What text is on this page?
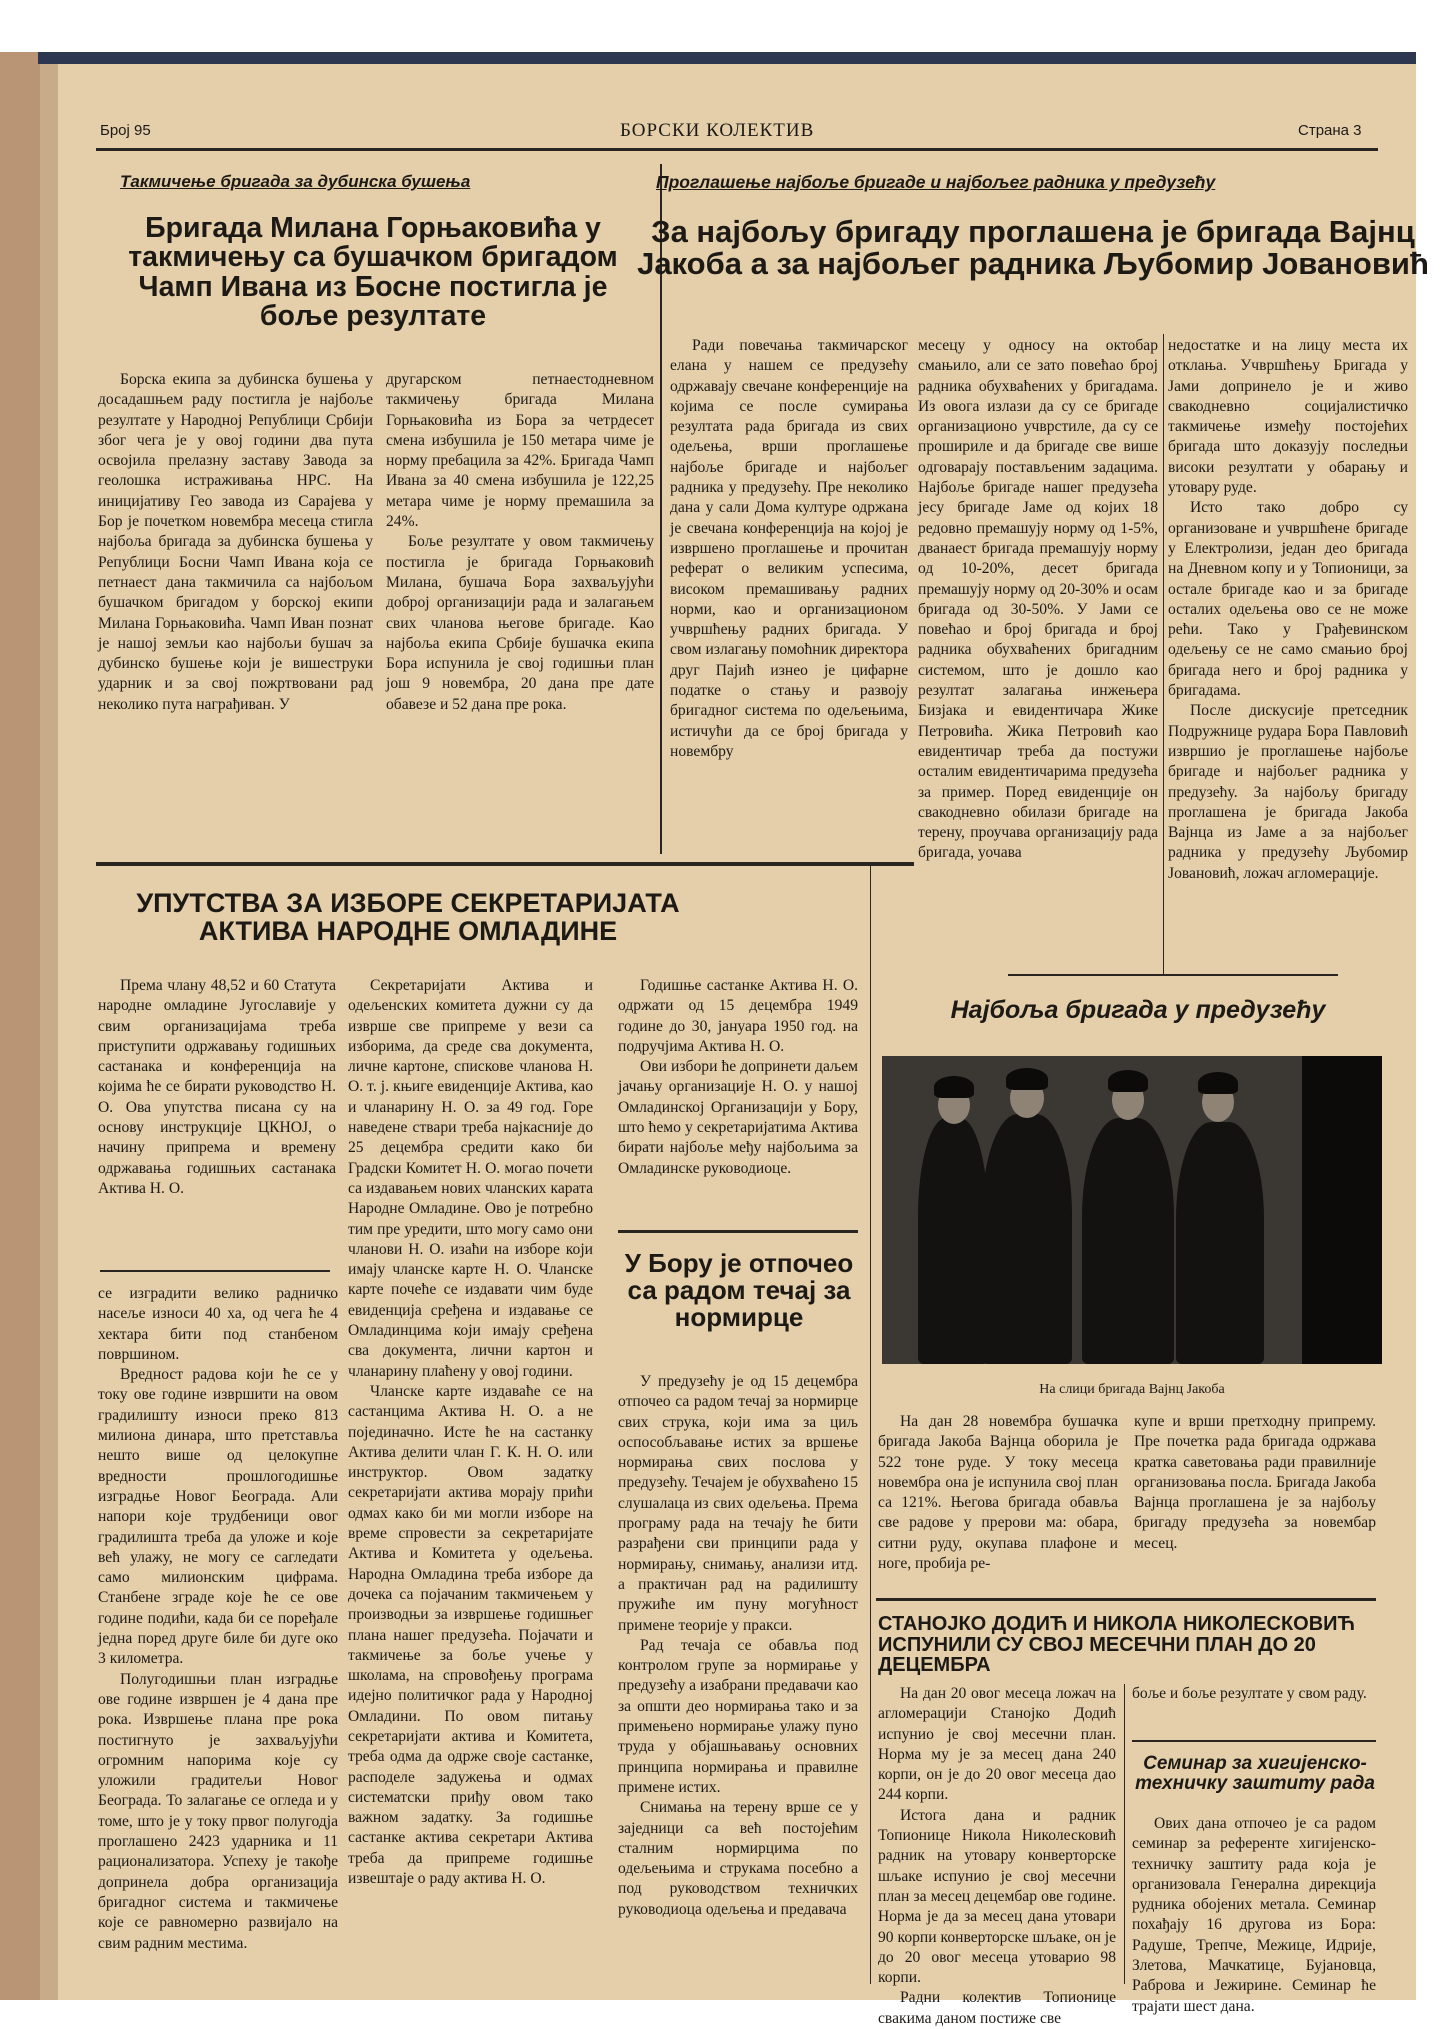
Број 95	БОРСКИ КОЛЕКТИВ	Страна 3
Такмичење бригада за дубинска бушења
Бригада Милана Горњаковића у такмичењу са бушачком бригадом Чамп Ивана из Босне постигла је боље резултате

Борска екипа за дубинска бушења у досадашњем раду постигла је најбоље резултате у Народној Републици Србији због чега је у овој години два пута освојила прелазну заставу Завода за геолошка истраживања НРС. На иницијативу Гео завода из Сарајева у Бор је почетком новембра месеца стигла најбоља бригада за дубинска бушења у Републици Босни Чамп Ивана која се петнаест дана такмичила са најбољом бушачком бригадом у борској екипи Милана Горњаковића. Чамп Иван познат је нашој земљи као најбољи бушач за дубинско бушење који је вишеструки ударник и за свој пожртвовани рад неколико пута награђиван. У

другарском петнаестодневном такмичењу бригада Милана Горњаковића из Бора за четрдесет смена избушила је 150 метара чиме је норму пребацила за 42%. Бригада Чамп Ивана за 40 смена избушила је 122,25 метара чиме је норму премашила за 24%.

Боље резултате у овом такмичењу постигла је бригада Горњаковић Милана, бушача Бора захваљујући доброј организацији рада и залагањем свих чланова његове бригаде. Као најбоља екипа Србије бушачка екипа Бора испунила је свој годишњи план још 9 новембра, 20 дана пре дате обавезе и 52 дана пре рока.

Проглашење најбоље бригаде и најбољег радника у предузећу
За најбољу бригаду проглашена је бригада Вајнц Јакоба а за најбољег радника Љубомир Јовановић

Ради повечања такмичарског елана у нашем се предузећу одржавају свечане конференције на којима се после сумирања резултата рада бригада из свих одељења, врши проглашење најбоље бригаде и најбољег радника у предузећу. Пре неколико дана у сали Дома културе одржана је свечана конференција на којој је извршено проглашење и прочитан реферат о великим успесима, високом премашивању радних норми, као и организационом учвршћењу радних бригада. У свом излагању помоћник директора друг Пајић изнео је цифарне податке о стању и развоју бригадног система по одељењима, истичући да се број бригада у новембру

месецу у односу на октобар смањило, али се зато повећао број радника обухваћених у бригадама. Из овога излази да су се бригаде организационо учврстиле, да су се прошириле и да бригаде све више одговарају постављеним задацима. Најбоље бригаде нашег предузећа јесу бригаде Јаме од којих 18 редовно премашују норму од 1-5%, дванаест бригада премашују норму од 10-20%, десет бригада премашују норму од 20-30% и осам бригада од 30-50%. У Јами се повећао и број бригада и број радника обухваћених бригадним системом, што је дошло као резултат залагања инжењера Бизјака и евидентичара Жике Петровића. Жика Петровић као евидентичар треба да постужи осталим евидентичарима предузећа за пример. Поред евиденције он свакодневно обилази бригаде на терену, проучава организацију рада бригада, уочава

недостатке и на лицу места их отклања. Учвршћењу Бригада у Јами допринело је и живо свакодневно социјалистичко такмичење између постојећих бригада што доказују последњи високи резултати у обарању и утовару руде.

Исто тако добро су организоване и учвршћене бригаде у Електролизи, један део бригада на Дневном копу и у Топионици, за остале бригаде као и за бригаде осталих одељења ово се не може рећи. Тако у Грађевинском одељењу се не само смањио број бригада него и број радника у бригадама.

После дискусије претседник Подружнице рудара Бора Павловић извршио је проглашење најбоље бригаде и најбољег радника у предузећу. За најбољу бригаду проглашена је бригада Јакоба Вајнца из Јаме а за најбољег радника у предузећу Љубомир Јовановић, ложач агломерације.

УПУТСТВА ЗА ИЗБОРЕ СЕКРЕТАРИЈАТА АКТИВА НАРОДНЕ ОМЛАДИНЕ

Према члану 48,52 и 60 Статута народне омладине Југославије у свим организацијама треба приступити одржавању годишњих састанака и конференција на којима ће се бирати руководство Н. О. Ова упутства писана су на основу инструкције ЦКНОЈ, о начину припрема и времену одржавања годишњих састанака Актива Н. О.

Секретаријати Актива и одељенских комитета дужни су да изврше све припреме у вези са изборима, да среде сва документа, личне картоне, списковe чланова Н. О. т. ј. књиге евиденције Актива, као и чланарину Н. О. за 49 год. Горе наведене ствари треба најкасније до 25 децембра средити како би Градски Комитет Н. О. могао почети са издавањем нових чланских карата Народне Омладине. Ово је потребно тим пре уредити, што могу само они чланови Н. О. изаћи на изборе који имају чланске карте Н. О. Чланске карте почеће се издавати чим буде евиденција сређена и издавање се Омладинцима који имају сређена сва документа, лични картон и чланарину плаћену у овој години.

Чланске карте издаваће се на састанцима Актива Н. О. а не појединачно. Исте ће на састанку Актива делити члан Г. К. Н. О. или инструктор. Овом задатку секретаријати актива морају прићи одмах како би ми могли изборе на време спровести за секретаријате Актива и Комитета у одељења. Народна Омладина треба изборе да дочека са појачаним такмичењем у производњи за извршење годишњег плана нашег предузећа. Појачати и такмичење за боље учење у школама, на спровођењу програма идејно политичког рада у Народној Омладини. По овом питању секретаријати актива и Комитета, треба одма да одрже своје састанке, расподеле задужења и одмах систематски приђу овом тако важном задатку. За годишње састанке актива секретари Актива треба да припреме годишње извештаје о раду актива Н. О.

Годишње састанке Актива Н. О. одржати од 15 децембра 1949 године до 30, јануара 1950 год. на подручјима Актива Н. О.

Ови избори ће допринети даљем јачању организације Н. О. у нашој Омладинској Организацији у Бору, што ћемо у секретаријатима Актива бирати најбоље међу најбољима за Омладинске руководиоце.

се изградити велико радничко насеље износи 40 ха, од чега ће 4 хектара бити под станбеном површином.

Вредност радова који ће се у току ове године извршити на овом градилишту износи преко 813 милиона динара, што претставља нешто више од целокупне вредности прошлогодишње изградње Новог Београда. Али напори које трудбеници овог градилишта треба да уложе и које већ улажу, не могу се сагледати само милионским цифрама. Станбене зграде које ће се ове године подићи, када би се поређале једна поред друге биле би дуге око 3 километра.

Полугодишњи план изградње ове године извршен је 4 дана пре рока. Извршење плана пре рока постигнуто је захваљујући огромним напорима које су уложили градитељи Новог Београда. То залагање се огледа и у томе, што је у току првог полугодја проглашено 2423 ударника и 11 рационализатора. Успеху је такође допринела добра организација бригадног система и такмичење које се равномерно развијало на свим радним местима.

У Бору је отпочео са радом течај за нормирце

У предузећу је од 15 децембра отпочео са радом течај за нормирце свих струка, који има за циљ оспособљавање истих за вршење нормирања свих послова у предузећу. Течајем је обухваћено 15 слушалаца из свих одељења. Према програму рада на течају ће бити разрађени сви принципи рада у нормирању, снимању, анализи итд. а практичан рад на радилишту пружиће им пуну могућност примене теорије у пракси.

Рад течаја се обавља под контролом групе за нормирање у предузећу а изабрани предавачи као за општи део нормирања тако и за примењено нормирање улажу пуно труда у објашњавању основних принципа нормирања и правилне примене истих.

Снимања на терену врше се у заједници са већ постојећим сталним нормирцима по одељењима и струкама посебно а под руководством техничких руководиоца одељења и предавача

Најбоља бригада у предузећу
На слици бригада Вајнц Јакоба

На дан 28 новембра бушачка бригада Јакоба Вајнца оборила је 522 тоне руде. У току месеца новембра она је испунила свој план са 121%. Његова бригада обавља све радове у прерови ма: обара, ситни руду, окупава плафоне и ноге, пробија ре-

купе и врши претходну припрему. Пре почетка рада бригада одржава кратка саветовања ради правилније организовања посла. Бригада Јакоба Вајнца проглашена је за најбољу бригаду предузећа за новембар месец.

СТАНОЈКО ДОДИЋ И НИКОЛА НИКОЛЕСКОВИЋ ИСПУНИЛИ СУ СВОЈ МЕСЕЧНИ ПЛАН ДО 20 ДЕЦЕМБРА

На дан 20 овог месеца ложач на агломерацији Станојко Додић испунио је свој месечни план. Норма му је за месец дана 240 корпи, он је до 20 овог месеца дао 244 корпи.

Истога дана и радник Топионице Никола Николесковић радник на утовару конверторске шљаке испунио је свој месечни план за месец децембар ове године. Норма је да за месец дана утовари 90 корпи конверторске шљаке, он је до 20 овог месеца утоварио 98 корпи.

Радни колектив Топионице свакима даном постиже све

боље и боље резултате у свом раду.

Семинар за хигијенско-техничку заштиту рада

Ових дана отпочео је са радом семинар за референте хигијенско-техничку заштиту рада која је организовала Генерална дирекција рудника обојених метала. Семинар похађају 16 другова из Бора: Радуше, Трепче, Межице, Идрије, Злетова, Мачкатице, Бујановца, Раброва и Јежирине. Семинар ће трајати шест дана.
